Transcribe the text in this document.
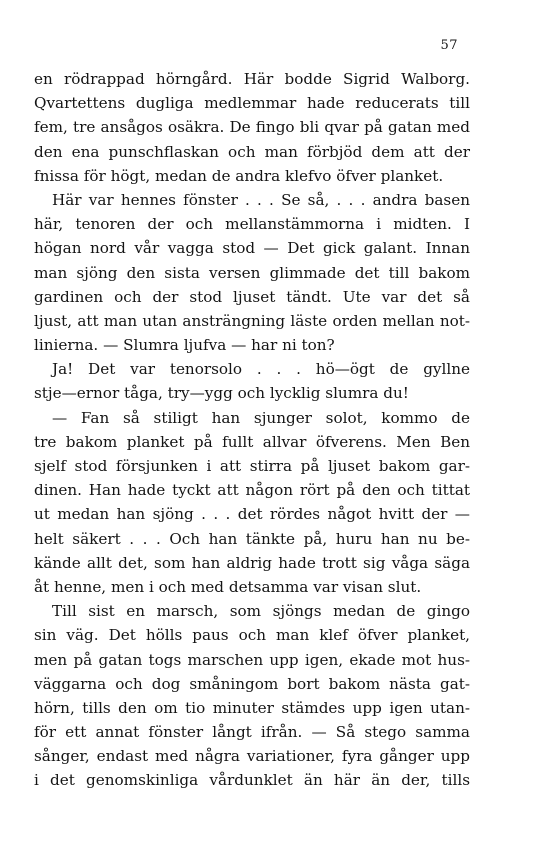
57
en rödrappad hörngård. Här bodde Sigrid Walborg.
Qvartettens dugliga medlemmar hade reducerats till
fem, tre ansågos osäkra. De fingo bli qvar på gatan med
den ena punschflaskan och man förbjöd dem att der
fnissa för högt, medan de andra klefvo öfver planket.
Här var hennes fönster . . . Se så, . . . andra basen
här, tenoren der och mellanstämmorna i midten. I
högan nord vår vagga stod — Det gick galant. Innan
man sjöng den sista versen glimmade det till bakom
gardinen och der stod ljuset tändt. Ute var det så
ljust, att man utan ansträngning läste orden mellan not-
linierna. — Slumra ljufva — har ni ton?
Ja! Det var tenorsolo . . . hö—ögt de gyllne
stje—ernor tåga, try—ygg och lycklig slumra du!
— Fan så stiligt han sjunger solot, kommo de
tre bakom planket på fullt allvar öfverens. Men Ben
sjelf stod försjunken i att stirra på ljuset bakom gar-
dinen. Han hade tyckt att någon rört på den och tittat
ut medan han sjöng . . . det rördes något hvitt der —
helt säkert . . . Och han tänkte på, huru han nu be-
kände allt det, som han aldrig hade trott sig våga säga
åt henne, men i och med detsamma var visan slut.
Till sist en marsch, som sjöngs medan de gingo
sin väg. Det hölls paus och man klef öfver planket,
men på gatan togs marschen upp igen, ekade mot hus-
väggarna och dog småningom bort bakom nästa gat-
hörn, tills den om tio minuter stämdes upp igen utan-
för ett annat fönster långt ifrån. — Så stego samma
sånger, endast med några variationer, fyra gånger upp
i det genomskinliga vårdunklet än här än der, tills
